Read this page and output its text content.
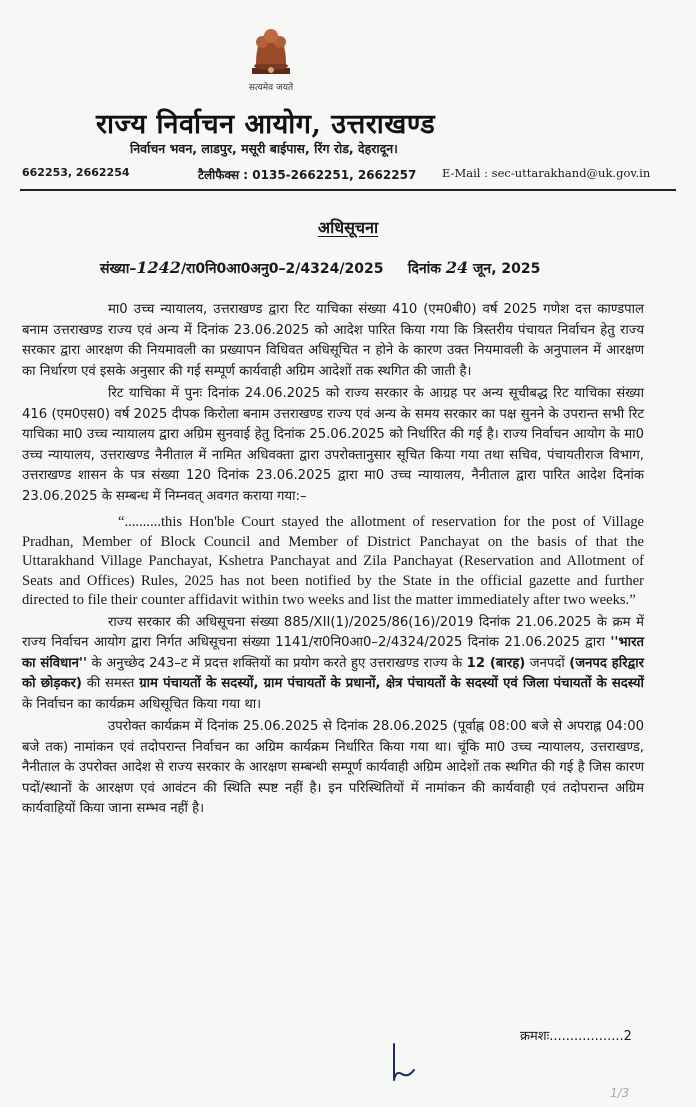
सत्यमेव जयते
राज्य निर्वाचन आयोग, उत्तराखण्ड
निर्वाचन भवन, लाडपुर, मसूरी बाईपास, रिंग रोड, देहरादून।
662253, 2662254	टैलीफैक्स : 0135-2662251, 2662257 E-Mail : sec-uttarakhand@uk.gov.in
अधिसूचना
संख्या–1242/रा0नि0आ0अनु0–2/4324/2025 दिनांक 24 जून, 2025

मा0 उच्च न्यायालय, उत्तराखण्ड द्वारा रिट याचिका संख्या 410 (एम0बी0) वर्ष 2025 गणेश दत्त काण्डपाल बनाम उत्तराखण्ड राज्य एवं अन्य में दिनांक 23.06.2025 को आदेश पारित किया गया कि त्रिस्तरीय पंचायत निर्वाचन हेतु राज्य सरकार द्वारा आरक्षण की नियमावली का प्रख्यापन विधिवत अधिसूचित न होने के कारण उक्त नियमावली के अनुपालन में आरक्षण का निर्धारण एवं इसके अनुसार की गई सम्पूर्ण कार्यवाही अग्रिम आदेशों तक स्थगित की जाती है।

रिट याचिका में पुनः दिनांक 24.06.2025 को राज्य सरकार के आग्रह पर अन्य सूचीबद्ध रिट याचिका संख्या 416 (एम0एस0) वर्ष 2025 दीपक किरोला बनाम उत्तराखण्ड राज्य एवं अन्य के समय सरकार का पक्ष सुनने के उपरान्त सभी रिट याचिका मा0 उच्च न्यायालय द्वारा अग्रिम सुनवाई हेतु दिनांक 25.06.2025 को निर्धारित की गई है। राज्य निर्वाचन आयोग के मा0 उच्च न्यायालय, उत्तराखण्ड नैनीताल में नामित अधिवक्ता द्वारा उपरोक्तानुसार सूचित किया गया तथा सचिव, पंचायतीराज विभाग, उत्तराखण्ड शासन के पत्र संख्या 120 दिनांक 23.06.2025 द्वारा मा0 उच्च न्यायालय, नैनीताल द्वारा पारित आदेश दिनांक 23.06.2025 के सम्बन्ध में निम्नवत् अवगत कराया गया:–

“..........this Hon'ble Court stayed the allotment of reservation for the post of Village Pradhan, Member of Block Council and Member of District Panchayat on the basis of that the Uttarakhand Village Panchayat, Kshetra Panchayat and Zila Panchayat (Reservation and Allotment of Seats and Offices) Rules, 2025 has not been notified by the State in the official gazette and further directed to file their counter affidavit within two weeks and list the matter immediately after two weeks.”

राज्य सरकार की अधिसूचना संख्या 885/XII(1)/2025/86(16)/2019 दिनांक 21.06.2025 के क्रम में राज्य निर्वाचन आयोग द्वारा निर्गत अधिसूचना संख्या 1141/रा0नि0आ0–2/4324/2025 दिनांक 21.06.2025 द्वारा ''भारत का संविधान'' के अनुच्छेद 243–ट में प्रदत्त शक्तियों का प्रयोग करते हुए उत्तराखण्ड राज्य के 12 (बारह) जनपदों (जनपद हरिद्वार को छोड़कर) की समस्त ग्राम पंचायतों के सदस्यों, ग्राम पंचायतों के प्रधानों, क्षेत्र पंचायतों के सदस्यों एवं जिला पंचायतों के सदस्यों के निर्वाचन का कार्यक्रम अधिसूचित किया गया था।

उपरोक्त कार्यक्रम में दिनांक 25.06.2025 से दिनांक 28.06.2025 (पूर्वाह्न 08:00 बजे से अपराह्न 04:00 बजे तक) नामांकन एवं तदोपरान्त निर्वाचन का अग्रिम कार्यक्रम निर्धारित किया गया था। चूंकि मा0 उच्च न्यायालय, उत्तराखण्ड, नैनीताल के उपरोक्त आदेश से राज्य सरकार के आरक्षण सम्बन्धी सम्पूर्ण कार्यवाही अग्रिम आदेशों तक स्थगित की गई है जिस कारण पदों/स्थानों के आरक्षण एवं आवंटन की स्थिति स्पष्ट नहीं है। इन परिस्थितियों में नामांकन की कार्यवाही एवं तदोपरान्त अग्रिम कार्यवाहियों किया जाना सम्भव नहीं है।

क्रमशः..................2
1/3
